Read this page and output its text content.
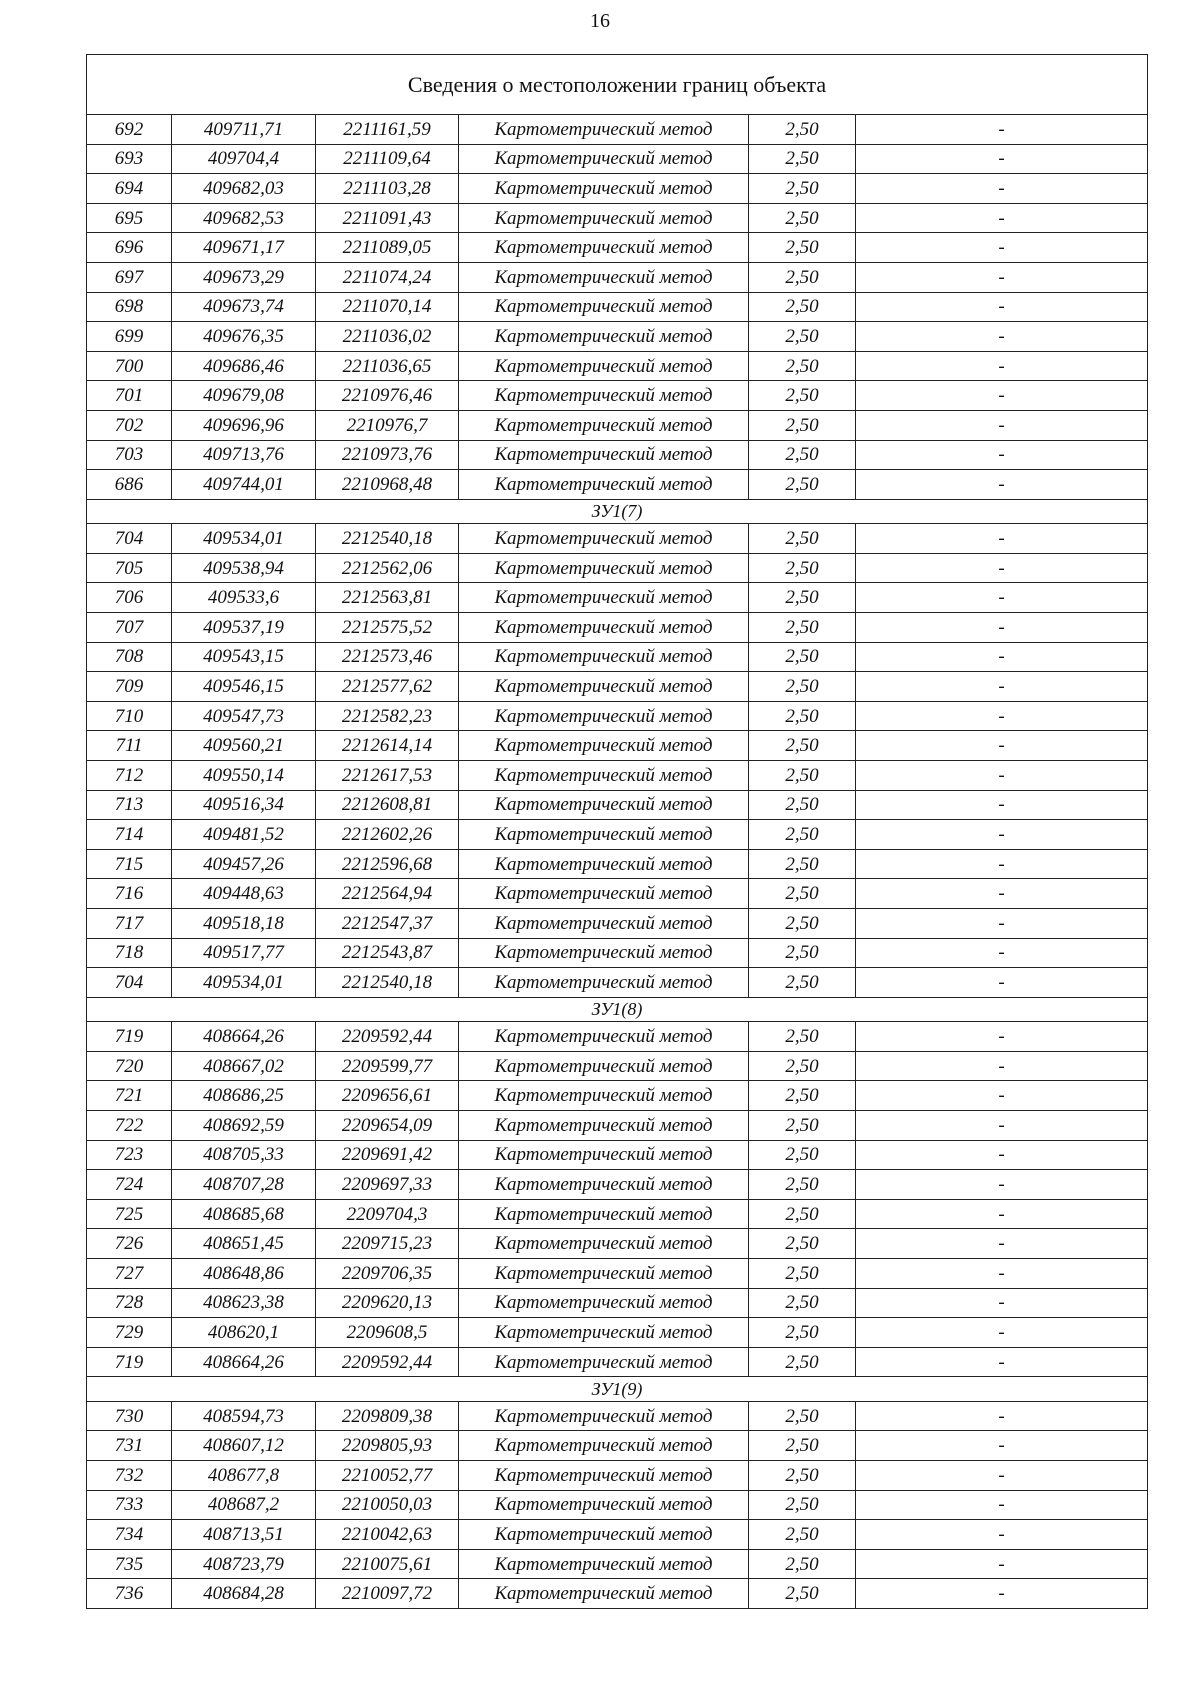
16
Сведения о местоположении границ объекта					
692	409711,71	2211161,59	Картометрический метод	2,50	-
693	409704,4	2211109,64	Картометрический метод	2,50	-
694	409682,03	2211103,28	Картометрический метод	2,50	-
695	409682,53	2211091,43	Картометрический метод	2,50	-
696	409671,17	2211089,05	Картометрический метод	2,50	-
697	409673,29	2211074,24	Картометрический метод	2,50	-
698	409673,74	2211070,14	Картометрический метод	2,50	-
699	409676,35	2211036,02	Картометрический метод	2,50	-
700	409686,46	2211036,65	Картометрический метод	2,50	-
701	409679,08	2210976,46	Картометрический метод	2,50	-
702	409696,96	2210976,7	Картометрический метод	2,50	-
703	409713,76	2210973,76	Картометрический метод	2,50	-
686	409744,01	2210968,48	Картометрический метод	2,50	-
ЗУ1(7)					
704	409534,01	2212540,18	Картометрический метод	2,50	-
705	409538,94	2212562,06	Картометрический метод	2,50	-
706	409533,6	2212563,81	Картометрический метод	2,50	-
707	409537,19	2212575,52	Картометрический метод	2,50	-
708	409543,15	2212573,46	Картометрический метод	2,50	-
709	409546,15	2212577,62	Картометрический метод	2,50	-
710	409547,73	2212582,23	Картометрический метод	2,50	-
711	409560,21	2212614,14	Картометрический метод	2,50	-
712	409550,14	2212617,53	Картометрический метод	2,50	-
713	409516,34	2212608,81	Картометрический метод	2,50	-
714	409481,52	2212602,26	Картометрический метод	2,50	-
715	409457,26	2212596,68	Картометрический метод	2,50	-
716	409448,63	2212564,94	Картометрический метод	2,50	-
717	409518,18	2212547,37	Картометрический метод	2,50	-
718	409517,77	2212543,87	Картометрический метод	2,50	-
704	409534,01	2212540,18	Картометрический метод	2,50	-
ЗУ1(8)					
719	408664,26	2209592,44	Картометрический метод	2,50	-
720	408667,02	2209599,77	Картометрический метод	2,50	-
721	408686,25	2209656,61	Картометрический метод	2,50	-
722	408692,59	2209654,09	Картометрический метод	2,50	-
723	408705,33	2209691,42	Картометрический метод	2,50	-
724	408707,28	2209697,33	Картометрический метод	2,50	-
725	408685,68	2209704,3	Картометрический метод	2,50	-
726	408651,45	2209715,23	Картометрический метод	2,50	-
727	408648,86	2209706,35	Картометрический метод	2,50	-
728	408623,38	2209620,13	Картометрический метод	2,50	-
729	408620,1	2209608,5	Картометрический метод	2,50	-
719	408664,26	2209592,44	Картометрический метод	2,50	-
ЗУ1(9)					
730	408594,73	2209809,38	Картометрический метод	2,50	-
731	408607,12	2209805,93	Картометрический метод	2,50	-
732	408677,8	2210052,77	Картометрический метод	2,50	-
733	408687,2	2210050,03	Картометрический метод	2,50	-
734	408713,51	2210042,63	Картометрический метод	2,50	-
735	408723,79	2210075,61	Картометрический метод	2,50	-
736	408684,28	2210097,72	Картометрический метод	2,50	-
